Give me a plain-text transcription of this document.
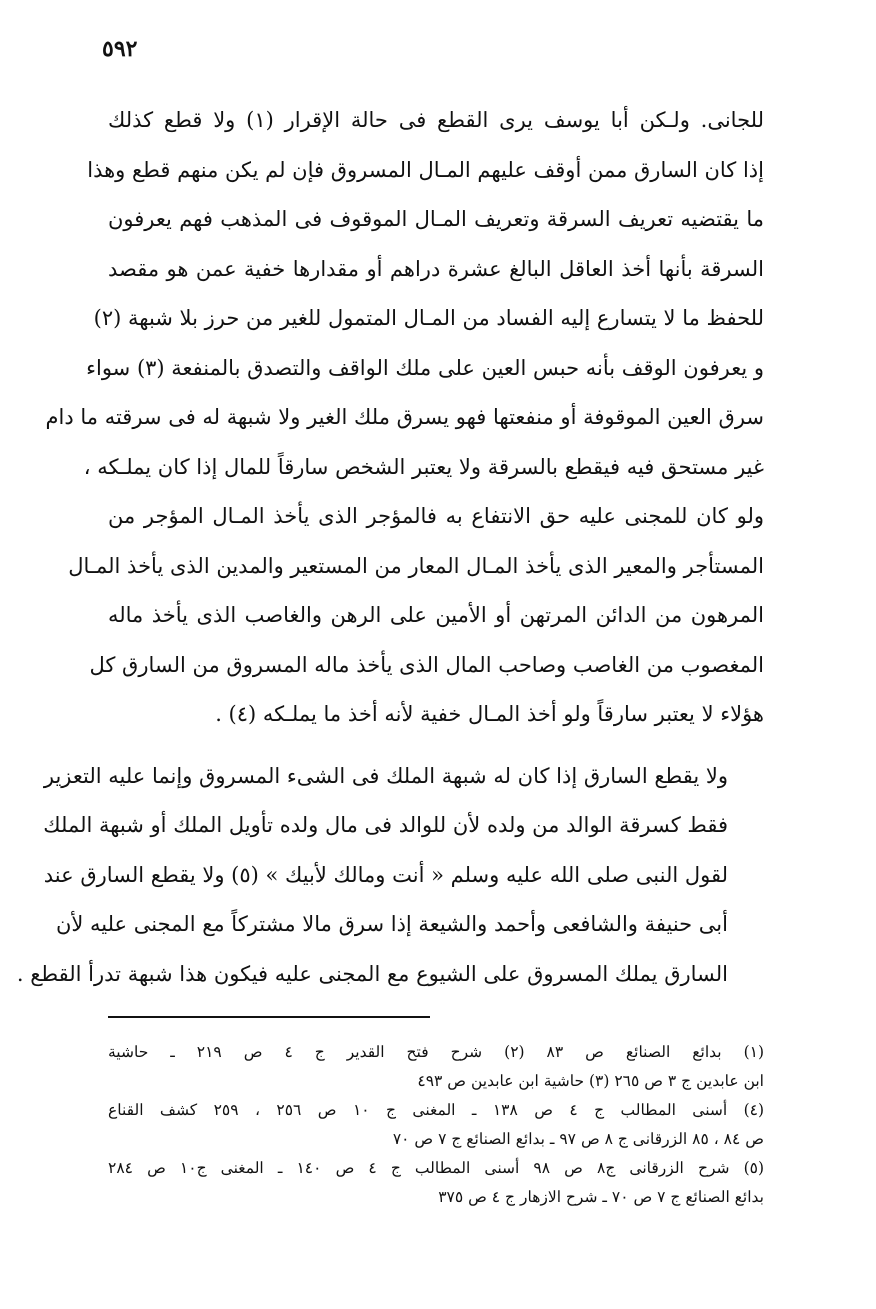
٥٩٢

للجانى. ولـكن أبا يوسف يرى القطع فى حالة الإقرار (١) ولا قطع كذلك
إذا كان السارق ممن أوقف عليهم المـال المسروق فإن لم يكن منهم قطع وهذا
ما يقتضيه تعريف السرقة وتعريف المـال الموقوف فى المذهب فهم يعرفون
السرقة بأنها أخذ العاقل البالغ عشرة دراهم أو مقدارها خفية عمن هو مقصد
للحفظ ما لا يتسارع إليه الفساد من المـال المتمول للغير من حرز بلا شبهة (٢)
و يعرفون الوقف بأنه حبس العين على ملك الواقف والتصدق بالمنفعة (٣) سواء
سرق العين الموقوفة أو منفعتها فهو يسرق ملك الغير ولا شبهة له فى سرقته ما دام
غير مستحق فيه فيقطع بالسرقة ولا يعتبر الشخص سارقاً للمال إذا كان يملـكه ،
ولو كان للمجنى عليه حق الانتفاع به فالمؤجر الذى يأخذ المـال المؤجر من
المستأجر والمعير الذى يأخذ المـال المعار من المستعير والمدين الذى يأخذ المـال
المرهون من الدائن المرتهن أو الأمين على الرهن والغاصب الذى يأخذ ماله
المغصوب من الغاصب وصاحب المال الذى يأخذ ماله المسروق من السارق كل
هؤلاء لا يعتبر سارقاً ولو أخذ المـال خفية لأنه أخذ ما يملـكه (٤) .

ولا يقطع السارق إذا كان له شبهة الملك فى الشىء المسروق وإنما عليه التعزير
فقط كسرقة الوالد من ولده لأن للوالد فى مال ولده تأويل الملك أو شبهة الملك
لقول النبى صلى الله عليه وسلم « أنت ومالك لأبيك » (٥) ولا يقطع السارق عند
أبى حنيفة والشافعى وأحمد والشيعة إذا سرق مالا مشتركاً مع المجنى عليه لأن
السارق يملك المسروق على الشيوع مع المجنى عليه فيكون هذا شبهة تدرأ القطع .

(١) بدائع الصنائع ص ٨٣ (٢) شرح فتح القدير ج ٤ ص ٢١٩ ـ حاشية
ابن عابدين ج ٣ ص ٢٦٥ (٣) حاشية ابن عابدين ص ٤٩٣
(٤) أسنى المطالب ج ٤ ص ١٣٨ ـ المغنى ج ١٠ ص ٢٥٦ ، ٢٥٩ كشف القناع
ص ٨٤ ، ٨٥ الزرقانى ج ٨ ص ٩٧ ـ بدائع الصنائع ج ٧ ص ٧٠
(٥) شرح الزرقانى ج٨ ص ٩٨ أسنى المطالب ج ٤ ص ١٤٠ ـ المغنى ج١٠ ص ٢٨٤
بدائع الصنائع ج ٧ ص ٧٠ ـ شرح الازهار ج ٤ ص ٣٧٥
